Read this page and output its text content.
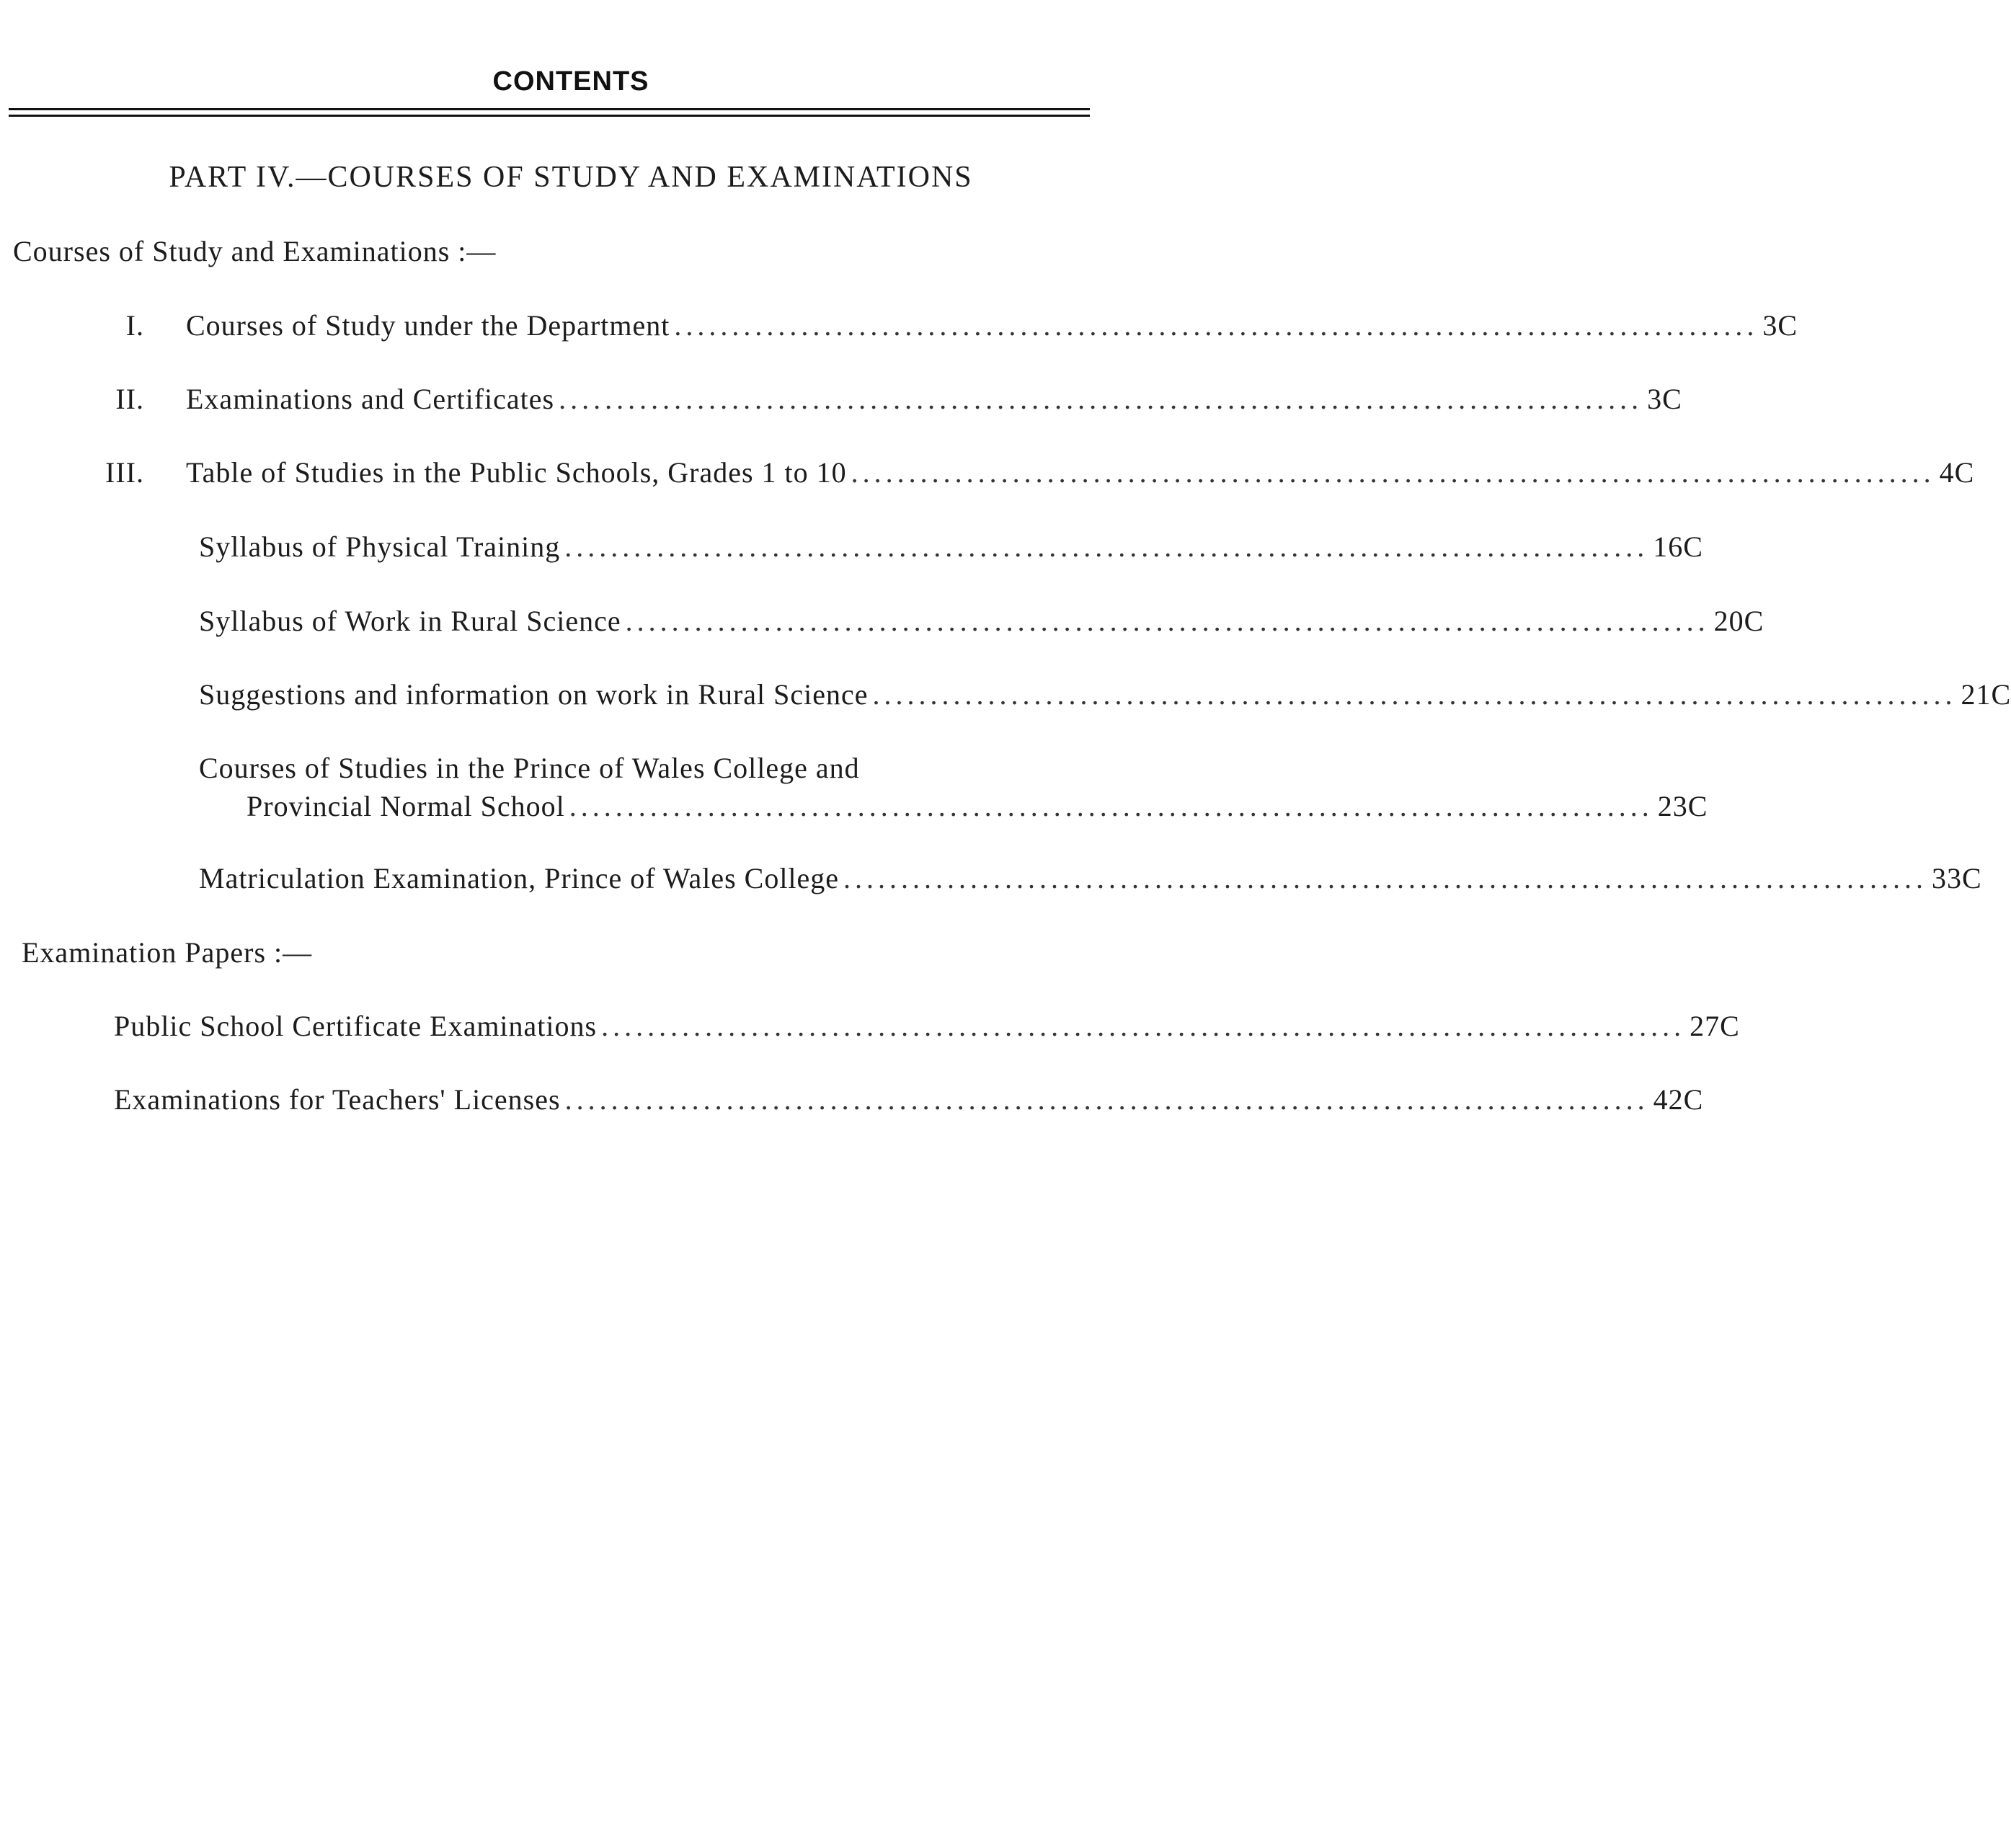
CONTENTS
PART IV.—COURSES OF STUDY AND EXAMINATIONS
Courses of Study and Examinations :—
I. Courses of Study under the Department .............................................................................................. 3C
II. Examinations and Certificates .............................................................................................. 3C
III. Table of Studies in the Public Schools, Grades 1 to 10 .............................................................................................. 4C
Syllabus of Physical Training .............................................................................................. 16C
Syllabus of Work in Rural Science .............................................................................................. 20C
Suggestions and information on work in Rural Science .............................................................................................. 21C
Courses of Studies in the Prince of Wales College and
Provincial Normal School .............................................................................................. 23C
Matriculation Examination, Prince of Wales College .............................................................................................. 33C
Examination Papers :—
Public School Certificate Examinations .............................................................................................. 27C
Examinations for Teachers' Licenses .............................................................................................. 42C
